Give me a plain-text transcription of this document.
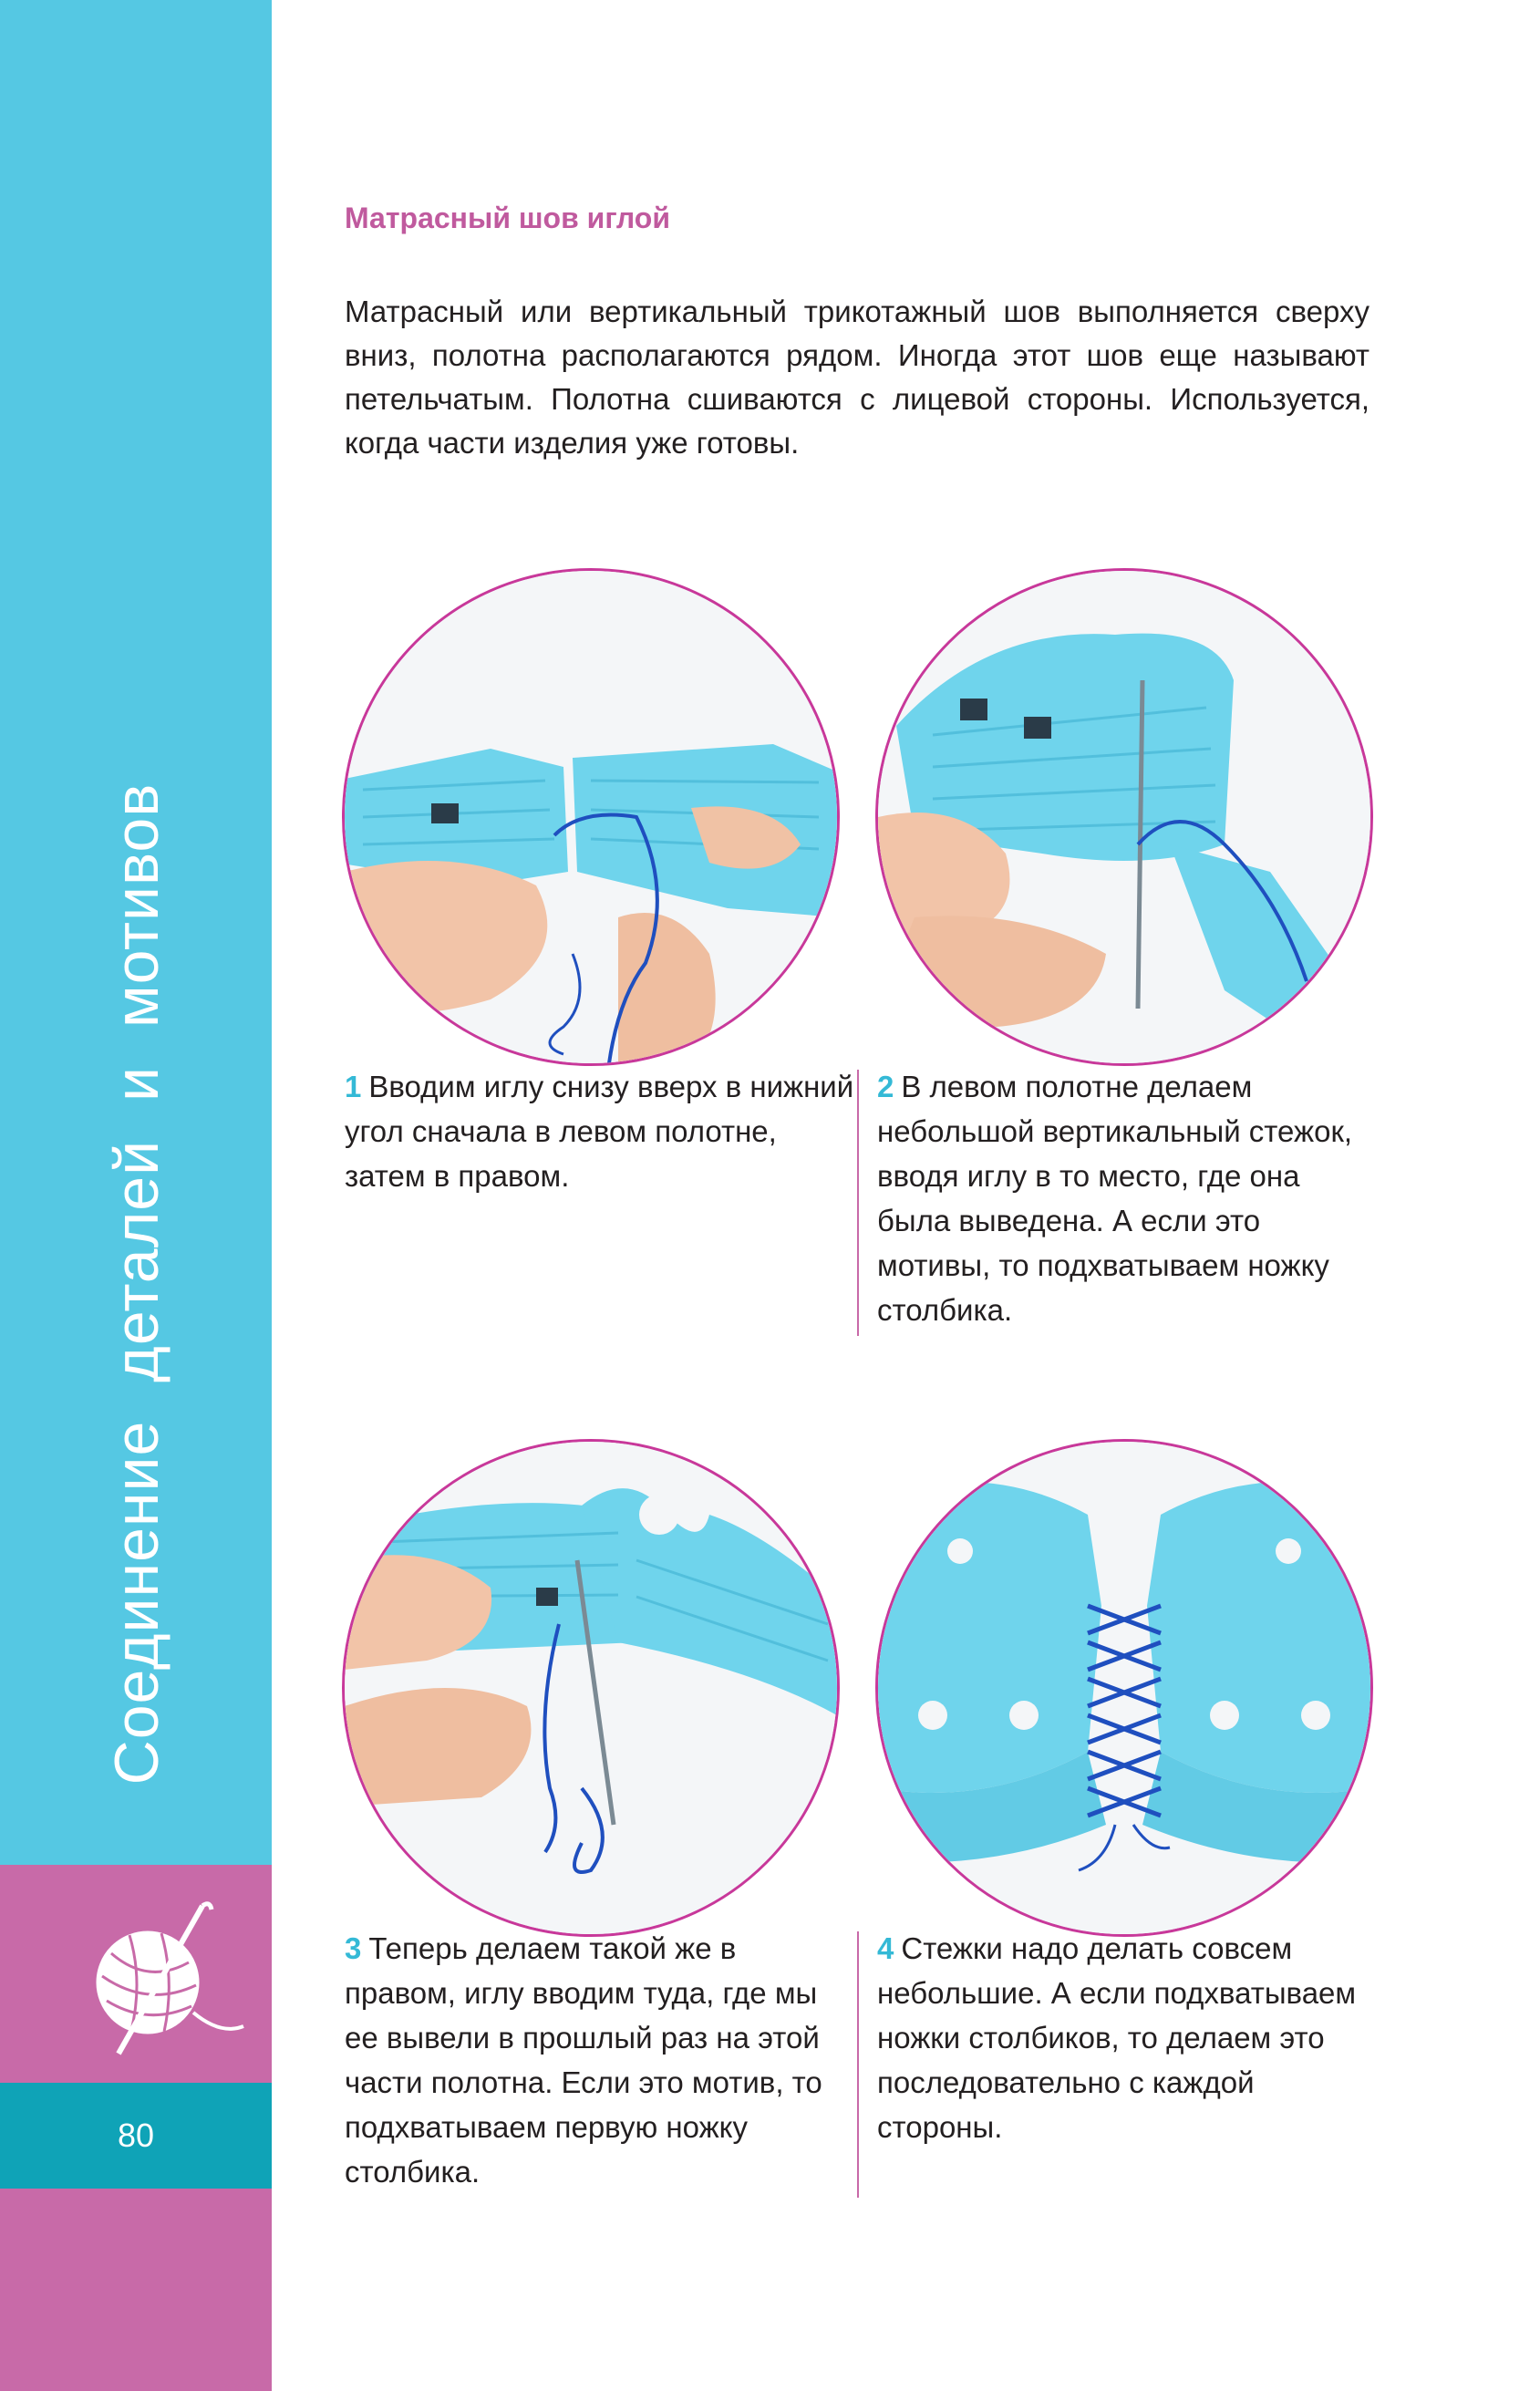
Соединение деталей и мотивов
80
Матрасный шов иглой
Матрасный или вертикальный трикотажный шов выполняется сверху вниз, полотна располагаются рядом. Иногда этот шов еще называют петельчатым. Полотна сшиваются с лицевой стороны. Используется, когда части изделия уже готовы.
1 Вводим иглу снизу вверх в нижний угол сначала в левом полотне, затем в правом.
2 В левом полотне делаем небольшой вертикальный стежок, вводя иглу в то место, где она была выведена. А если это мотивы, то подхватываем ножку столбика.
3 Теперь делаем такой же в правом, иглу вводим туда, где мы ее вывели в прошлый раз на этой части полотна. Если это мотив, то подхватываем первую ножку столбика.
4 Стежки надо делать совсем небольшие. А если подхватываем ножки столбиков, то делаем это последовательно с каждой стороны.
